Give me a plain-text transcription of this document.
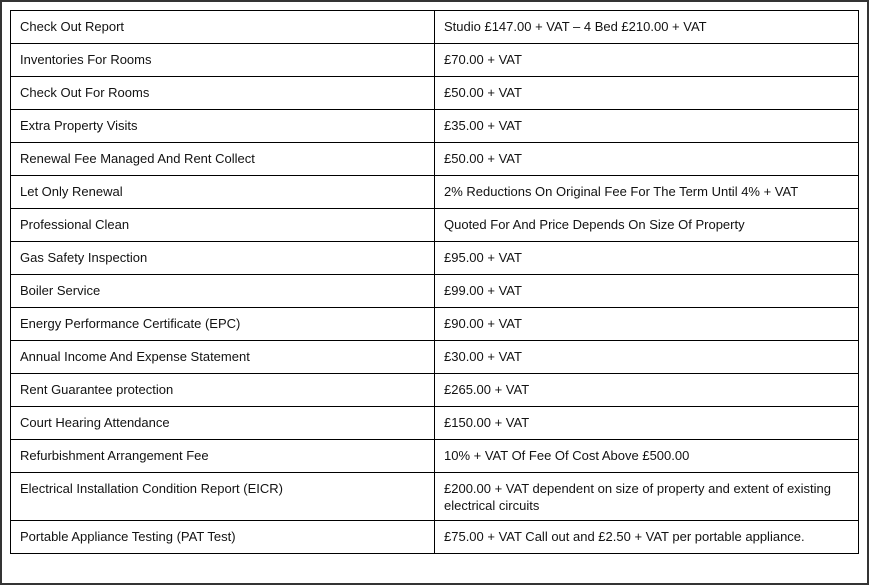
Check Out Report	Studio £147.00 + VAT – 4 Bed £210.00 + VAT
Inventories For Rooms	£70.00 + VAT
Check Out For Rooms	£50.00 + VAT
Extra Property Visits	£35.00 + VAT
Renewal Fee Managed And Rent Collect	£50.00 + VAT
Let Only Renewal	2% Reductions On Original Fee For The Term Until 4% + VAT
Professional Clean	Quoted For And Price Depends On Size Of Property
Gas Safety Inspection	£95.00 + VAT
Boiler Service	£99.00 + VAT
Energy Performance Certificate (EPC)	£90.00 + VAT
Annual Income And Expense Statement	£30.00 + VAT
Rent Guarantee protection	£265.00 + VAT
Court Hearing Attendance	£150.00 + VAT
Refurbishment Arrangement Fee	10% + VAT Of Fee Of Cost Above £500.00
Electrical Installation Condition Report (EICR)	£200.00 + VAT dependent on size of property and extent of existing electrical circuits
Portable Appliance Testing (PAT Test)	£75.00 + VAT Call out and £2.50 + VAT per portable appliance.
